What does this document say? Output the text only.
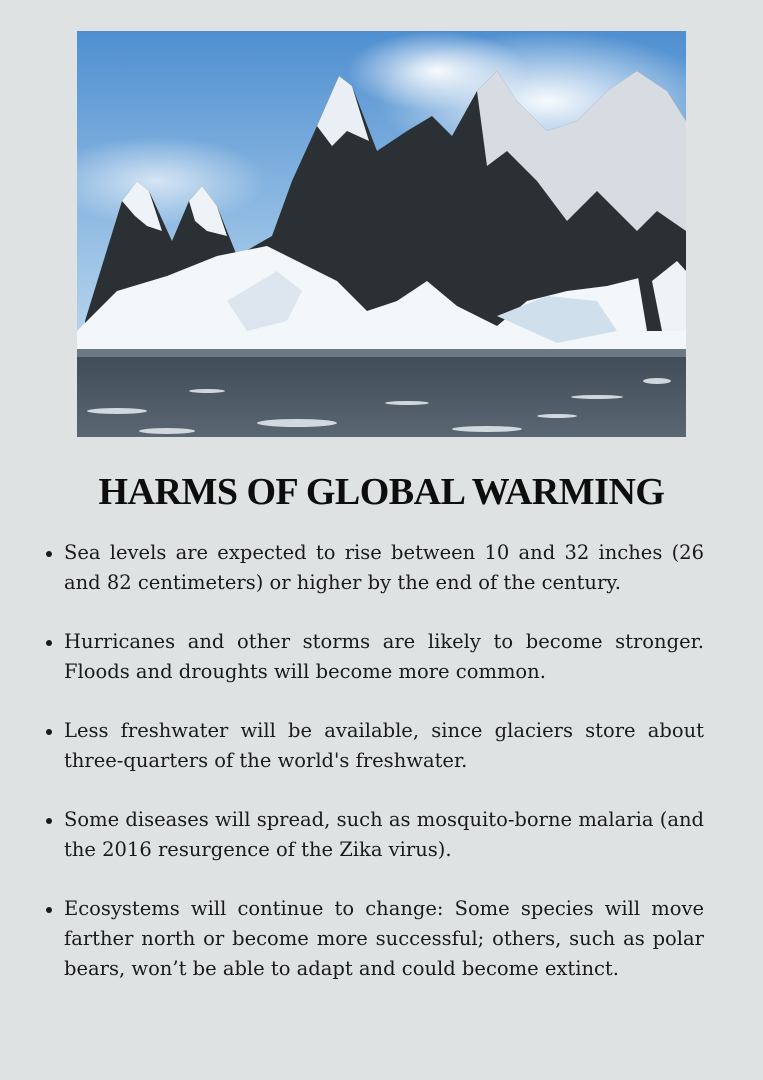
HARMS OF GLOBAL WARMING
Sea levels are expected to rise between 10 and 32 inches (26 and 82 centimeters) or higher by the end of the century.
Hurricanes and other storms are likely to become stronger. Floods and droughts will become more common.
Less freshwater will be available, since glaciers store about three-quarters of the world's freshwater.
Some diseases will spread, such as mosquito-borne malaria (and the 2016 resurgence of the Zika virus).
Ecosystems will continue to change: Some species will move farther north or become more successful; others, such as polar bears, won’t be able to adapt and could become extinct.
